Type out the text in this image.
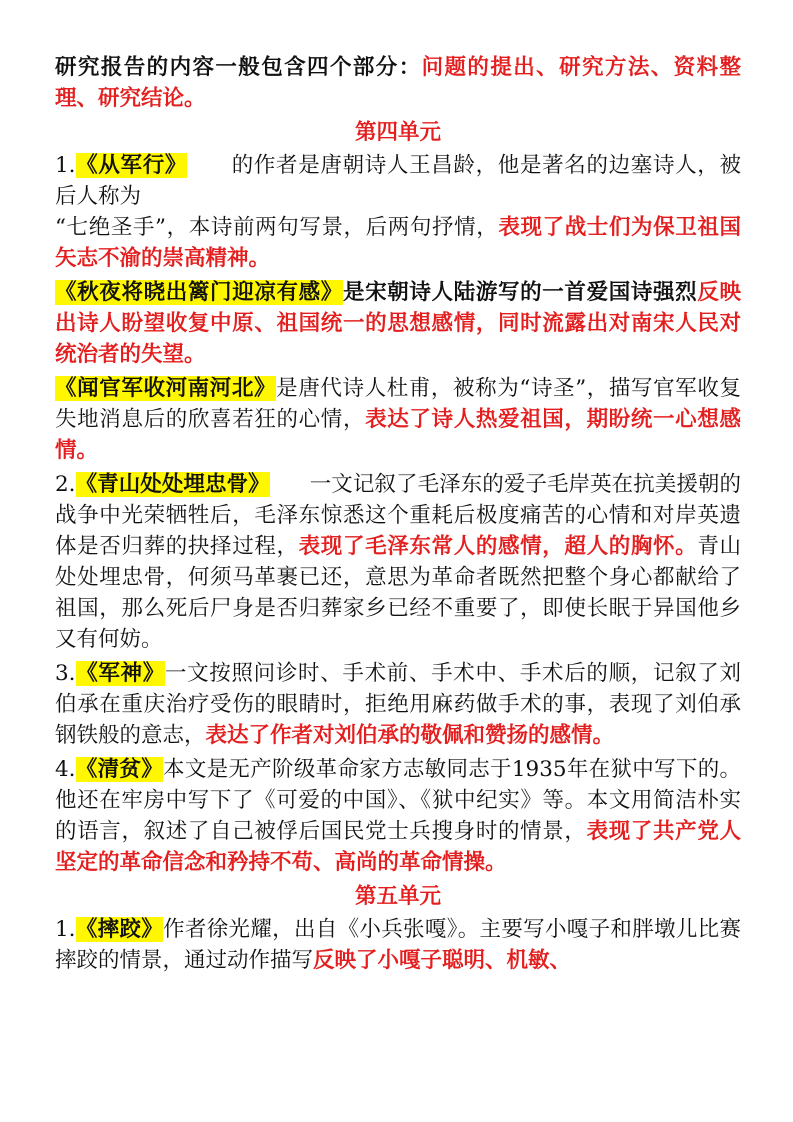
研究报告的内容一般包含四个部分：问题的提出、研究方法、资料整理、研究结论。

第四单元

1.《从军行》 的作者是唐朝诗人王昌龄，他是著名的边塞诗人，被后人称为
“七绝圣手”，本诗前两句写景，后两句抒情，表现了战士们为保卫祖国矢志不渝的崇高精神。

《秋夜将晓出篱门迎凉有感》是宋朝诗人陆游写的一首爱国诗强烈反映出诗人盼望收复中原、祖国统一的思想感情，同时流露出对南宋人民对统治者的失望。

《闻官军收河南河北》是唐代诗人杜甫，被称为“诗圣”，描写官军收复失地消息后的欣喜若狂的心情，表达了诗人热爱祖国，期盼统一心想感情。

2.《青山处处埋忠骨》 一文记叙了毛泽东的爱子毛岸英在抗美援朝的战争中光荣牺牲后，毛泽东惊悉这个重耗后极度痛苦的心情和对岸英遗体是否归葬的抉择过程，表现了毛泽东常人的感情，超人的胸怀。青山处处埋忠骨，何须马革裹已还，意思为革命者既然把整个身心都献给了祖国，那么死后尸身是否归葬家乡已经不重要了，即使长眠于异国他乡又有何妨。

3.《军神》一文按照问诊时、手术前、手术中、手术后的顺，记叙了刘伯承在重庆治疗受伤的眼睛时，拒绝用麻药做手术的事，表现了刘伯承钢铁般的意志，表达了作者对刘伯承的敬佩和赞扬的感情。

4.《清贫》本文是无产阶级革命家方志敏同志于1935年在狱中写下的。他还在牢房中写下了《可爱的中国》、《狱中纪实》等。本文用简洁朴实的语言，叙述了自己被俘后国民党士兵搜身时的情景，表现了共产党人坚定的革命信念和矜持不苟、高尚的革命情操。

第五单元

1.《摔跤》作者徐光耀，出自《小兵张嘎》。主要写小嘎子和胖墩儿比赛摔跤的情景，通过动作描写反映了小嘎子聪明、机敏、
